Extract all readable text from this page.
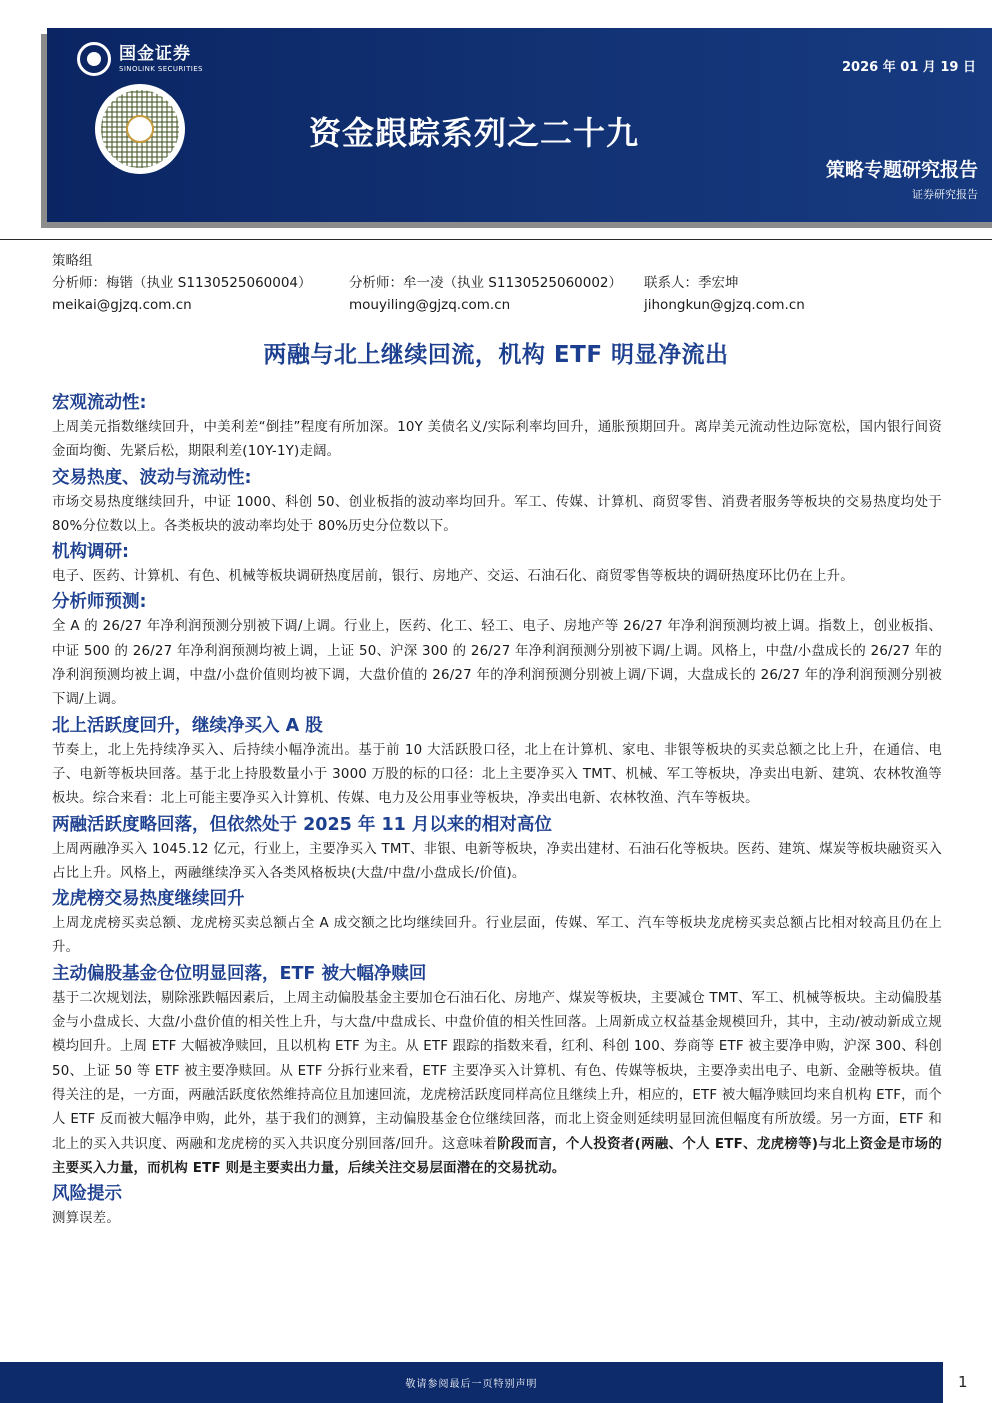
国金证券
SINOLINK SECURITIES	2026 年 01 月 19 日
资金跟踪系列之二十九
策略专题研究报告
证券研究报告
策略组
分析师：梅锴（执业 S1130525060004）	分析师：牟一凌（执业 S1130525060002） 联系人：季宏坤
meikai@gjzq.com.cn	mouyiling@gjzq.com.cn	jihongkun@gjzq.com.cn
两融与北上继续回流，机构 ETF 明显净流出
宏观流动性:

上周美元指数继续回升，中美利差“倒挂”程度有所加深。10Y 美债名义/实际利率均回升，通胀预期回升。离岸美元流动性边际宽松，国内银行间资金面均衡、先紧后松，期限利差(10Y-1Y)走阔。

交易热度、波动与流动性:

市场交易热度继续回升，中证 1000、科创 50、创业板指的波动率均回升。军工、传媒、计算机、商贸零售、消费者服务等板块的交易热度均处于 80%分位数以上。各类板块的波动率均处于 80%历史分位数以下。

机构调研:

电子、医药、计算机、有色、机械等板块调研热度居前，银行、房地产、交运、石油石化、商贸零售等板块的调研热度环比仍在上升。

分析师预测:

全 A 的 26/27 年净利润预测分别被下调/上调。行业上，医药、化工、轻工、电子、房地产等 26/27 年净利润预测均被上调。指数上，创业板指、中证 500 的 26/27 年净利润预测均被上调，上证 50、沪深 300 的 26/27 年净利润预测分别被下调/上调。风格上，中盘/小盘成长的 26/27 年的净利润预测均被上调，中盘/小盘价值则均被下调，大盘价值的 26/27 年的净利润预测分别被上调/下调，大盘成长的 26/27 年的净利润预测分别被下调/上调。

北上活跃度回升，继续净买入 A 股

节奏上，北上先持续净买入、后持续小幅净流出。基于前 10 大活跃股口径，北上在计算机、家电、非银等板块的买卖总额之比上升，在通信、电子、电新等板块回落。基于北上持股数量小于 3000 万股的标的口径：北上主要净买入 TMT、机械、军工等板块，净卖出电新、建筑、农林牧渔等板块。综合来看：北上可能主要净买入计算机、传媒、电力及公用事业等板块，净卖出电新、农林牧渔、汽车等板块。

两融活跃度略回落，但依然处于 2025 年 11 月以来的相对高位

上周两融净买入 1045.12 亿元，行业上，主要净买入 TMT、非银、电新等板块，净卖出建材、石油石化等板块。医药、建筑、煤炭等板块融资买入占比上升。风格上，两融继续净买入各类风格板块(大盘/中盘/小盘成长/价值)。

龙虎榜交易热度继续回升

上周龙虎榜买卖总额、龙虎榜买卖总额占全 A 成交额之比均继续回升。行业层面，传媒、军工、汽车等板块龙虎榜买卖总额占比相对较高且仍在上升。

主动偏股基金仓位明显回落，ETF 被大幅净赎回

基于二次规划法，剔除涨跌幅因素后，上周主动偏股基金主要加仓石油石化、房地产、煤炭等板块，主要减仓 TMT、军工、机械等板块。主动偏股基金与小盘成长、大盘/小盘价值的相关性上升，与大盘/中盘成长、中盘价值的相关性回落。上周新成立权益基金规模回升，其中，主动/被动新成立规模均回升。上周 ETF 大幅被净赎回，且以机构 ETF 为主。从 ETF 跟踪的指数来看，红利、科创 100、券商等 ETF 被主要净申购，沪深 300、科创 50、上证 50 等 ETF 被主要净赎回。从 ETF 分拆行业来看，ETF 主要净买入计算机、有色、传媒等板块，主要净卖出电子、电新、金融等板块。值得关注的是，一方面，两融活跃度依然维持高位且加速回流，龙虎榜活跃度同样高位且继续上升，相应的，ETF 被大幅净赎回均来自机构 ETF，而个人 ETF 反而被大幅净申购，此外，基于我们的测算，主动偏股基金仓位继续回落，而北上资金则延续明显回流但幅度有所放缓。另一方面，ETF 和北上的买入共识度、两融和龙虎榜的买入共识度分别回落/回升。这意味着阶段而言，个人投资者(两融、个人 ETF、龙虎榜等)与北上资金是市场的主要买入力量，而机构 ETF 则是主要卖出力量，后续关注交易层面潜在的交易扰动。

风险提示

测算误差。

敬请参阅最后一页特别声明	1
